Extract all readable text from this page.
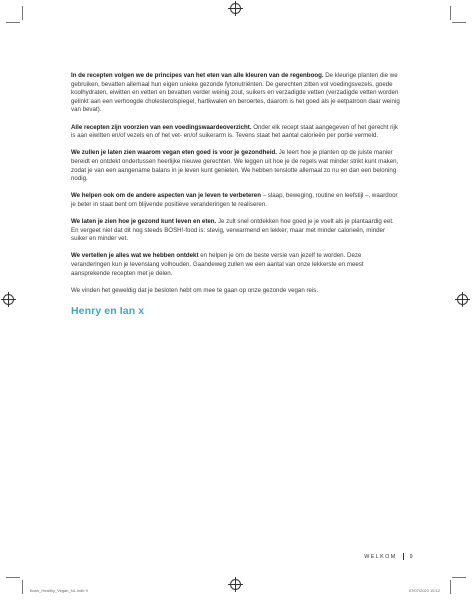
In de recepten volgen we de principes van het eten van alle kleuren van de regenboog. De kleurige planten die we gebruiken, bevatten allemaal hun eigen unieke gezonde fytonutriënten. De gerechten zitten vol voedingsvezels, goede koolhydraten, eiwitten en vetten en bevatten verder weinig zout, suikers en verzadigde vetten (verzadigde vetten worden gelinkt aan een verhoogde cholesterolspiegel, hartkwalen en beroertes, daarom is het goed als je eetpatroon daar weinig van bevat).

Alle recepten zijn voorzien van een voedingswaardeoverzicht. Onder elk recept staat aangegeven of het gerecht rijk is aan eiwitten en/of vezels en of het vet- en/of suikerarm is. Tevens staat het aantal calorieën per portie vermeld.

We zullen je laten zien waarom vegan eten goed is voor je gezondheid. Je leert hoe je planten op de juiste manier bereidt en ontdekt ondertussen heerlijke nieuwe gerechten. We leggen uit hoe je de regels wat minder strikt kunt maken, zodat je van een aangename balans in je leven kunt genieten. We hebben tenslotte allemaal zo nu en dan een beloning nodig.

We helpen ook om de andere aspecten van je leven te verbeteren – slaap, beweging, routine en leefstijl –, waardoor je beter in staat bent om blijvende positieve veranderingen te realiseren.

We laten je zien hoe je gezond kunt leven en eten. Je zult snel ontdekken hoe goed je je voelt als je plantaardig eet. En vergeet niet dat dit nog steeds BOSH!-food is: stevig, verwarmend en lekker, maar met minder calorieën, minder suiker en minder vet.

We vertellen je alles wat we hebben ontdekt en helpen je om de beste versie van jezelf te worden. Deze veranderingen kun je levenslang volhouden. Gaandeweg zullen we een aantal van onze lekkerste en meest aansprekende recepten met je delen.

We vinden het geweldig dat je besloten hebt om mee te gaan op onze gezonde vegan reis.

Henry en Ian x
WELKOM 9
Bosh_Healthy_Vegan_NL.indb 9	07/07/2020 15:12
